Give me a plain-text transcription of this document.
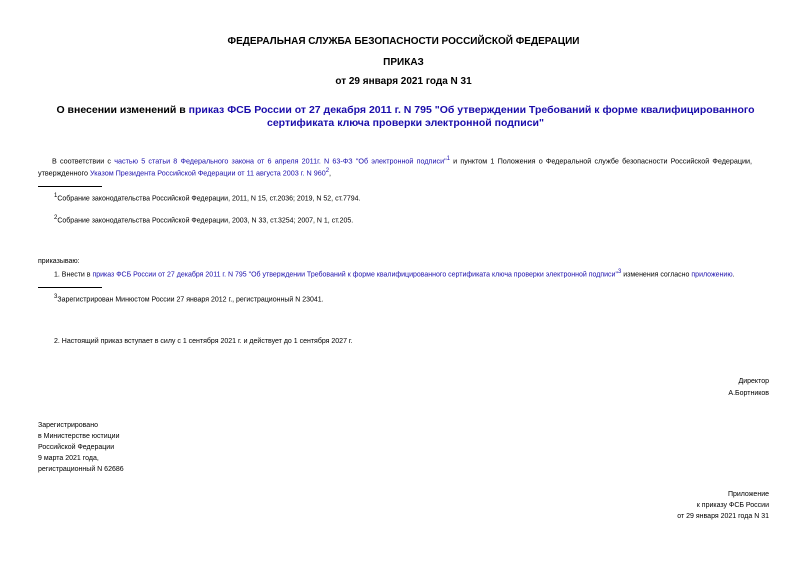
ФЕДЕРАЛЬНАЯ СЛУЖБА БЕЗОПАСНОСТИ РОССИЙСКОЙ ФЕДЕРАЦИИ
ПРИКАЗ
от 29 января 2021 года N 31
О внесении изменений в приказ ФСБ России от 27 декабря 2011 г. N 795 "Об утверждении Требований к форме квалифицированного сертификата ключа проверки электронной подписи"
В соответствии с частью 5 статьи 8 Федерального закона от 6 апреля 2011г. N 63-ФЗ "Об электронной подписи"$^1$ и пунктом 1 Положения о Федеральной службе безопасности Российской Федерации,
утвержденного Указом Президента Российской Федерации от 11 августа 2003 г. N 960$^2$,
1Собрание законодательства Российской Федерации, 2011, N 15, ст.2036; 2019, N 52, ст.7794.
2Собрание законодательства Российской Федерации, 2003, N 33, ст.3254; 2007, N 1, ст.205.
приказываю:
1. Внести в приказ ФСБ России от 27 декабря 2011 г. N 795 "Об утверждении Требований к форме квалифицированного сертификата ключа проверки электронной подписи"3 изменения согласно приложению.
3Зарегистрирован Минюстом России 27 января 2012 г., регистрационный N 23041.
2. Настоящий приказ вступает в силу с 1 сентября 2021 г. и действует до 1 сентября 2027 г.
Директор
А.Бортников
Зарегистрировано
в Министерстве юстиции
Российской Федерации
9 марта 2021 года,
регистрационный N 62686
Приложение
к приказу ФСБ России
от 29 января 2021 года N 31
